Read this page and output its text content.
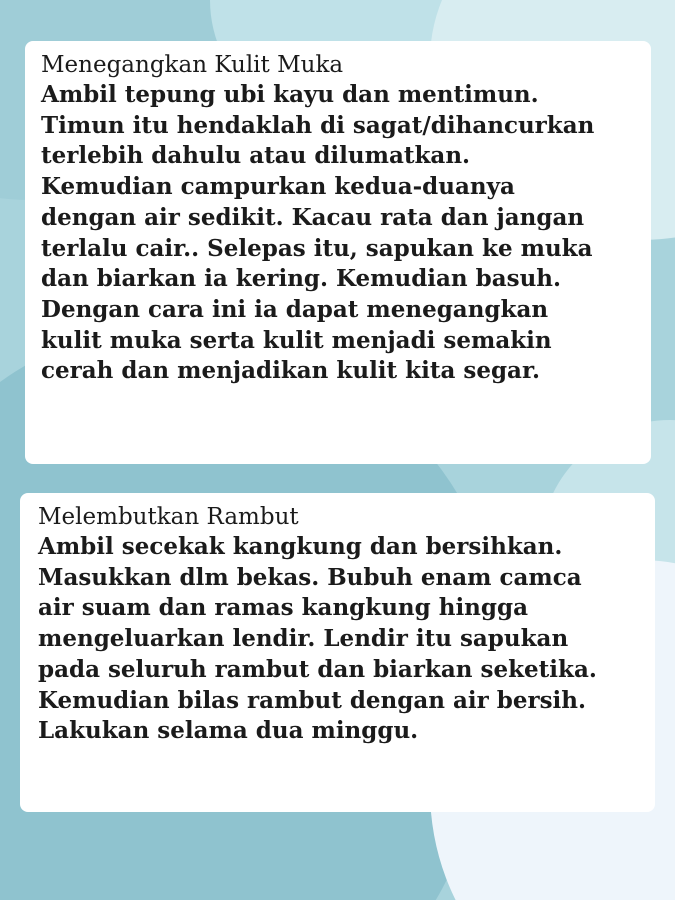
Menegangkan Kulit Muka

Ambil tepung ubi kayu dan mentimun.
Timun itu hendaklah di sagat/dihancurkan
terlebih dahulu atau dilumatkan.
Kemudian campurkan kedua-duanya
dengan air sedikit. Kacau rata dan jangan
terlalu cair.. Selepas itu, sapukan ke muka
dan biarkan ia kering. Kemudian basuh.
Dengan cara ini ia dapat menegangkan
kulit muka serta kulit menjadi semakin
cerah dan menjadikan kulit kita segar.

Melembutkan Rambut

Ambil secekak kangkung dan bersihkan.
Masukkan dlm bekas. Bubuh enam camca
air suam dan ramas kangkung hingga
mengeluarkan lendir. Lendir itu sapukan
pada seluruh rambut dan biarkan seketika.
Kemudian bilas rambut dengan air bersih.
Lakukan selama dua minggu.
